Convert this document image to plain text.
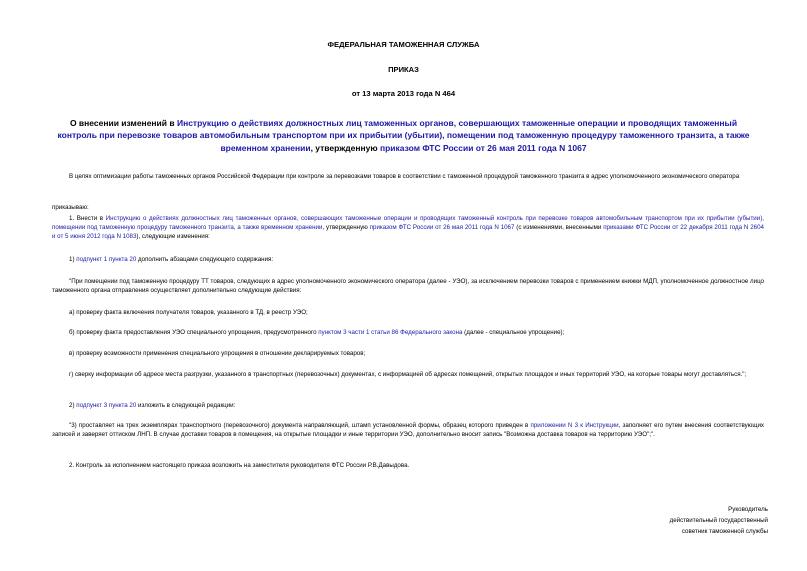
ФЕДЕРАЛЬНАЯ ТАМОЖЕННАЯ СЛУЖБА
ПРИКАЗ
от 13 марта 2013 года N 464
О внесении изменений в Инструкцию о действиях должностных лиц таможенных органов, совершающих таможенные операции и проводящих таможенный контроль при перевозке товаров автомобильным транспортом при их прибытии (убытии), помещении под таможенную процедуру таможенного транзита, а также временном хранении, утвержденную приказом ФТС России от 26 мая 2011 года N 1067
В целях оптимизации работы таможенных органов Российской Федерации при контроле за перевозками товаров в соответствии с таможенной процедурой таможенного транзита в адрес уполномоченного экономического оператора
приказываю:
1. Внести в Инструкцию о действиях должностных лиц таможенных органов, совершающих таможенные операции и проводящих таможенный контроль при перевозке товаров автомобильным транспортом при их прибытии (убытии), помещении под таможенную процедуру таможенного транзита, а также временном хранении, утвержденную приказом ФТС России от 26 мая 2011 года N 1067 (с изменениями, внесенными приказами ФТС России от 22 декабря 2011 года N 2604 и от 5 июня 2012 года N 1083), следующие изменения:
1) подпункт 1 пункта 20 дополнить абзацами следующего содержания:
"При помещении под таможенную процедуру ТТ товаров, следующих в адрес уполномоченного экономического оператора (далее - УЭО), за исключением перевозки товаров с применением книжки МДП, уполномоченное должностное лицо таможенного органа отправления осуществляет дополнительно следующие действия:
а) проверку факта включения получателя товаров, указанного в ТД, в реестр УЭО;
б) проверку факта предоставления УЭО специального упрощения, предусмотренного пунктом 3 части 1 статьи 86 Федерального закона (далее - специальное упрощение);
в) проверку возможности применения специального упрощения в отношении декларируемых товаров;
г) сверку информации об адресе места разгрузки, указанного в транспортных (перевозочных) документах, с информацией об адресах помещений, открытых площадок и иных территорий УЭО, на которые товары могут доставляться.";
2) подпункт 3 пункта 20 изложить в следующей редакции:
"3) проставляет на трех экземплярах транспортного (перевозочного) документа направляющий, штамп установленной формы, образец которого приведен в приложении N 3 к Инструкции, заполняет его путем внесения соответствующих записей и заверяет оттиском ЛНП. В случае доставки товаров в помещения, на открытые площадки и иные территории УЭО, дополнительно вносит запись "Возможна доставка товаров на территорию УЭО";".
2. Контроль за исполнением настоящего приказа возложить на заместителя руководителя ФТС России Р.В.Давыдова.
Руководитель
действительный государственный
советник таможенной службы
